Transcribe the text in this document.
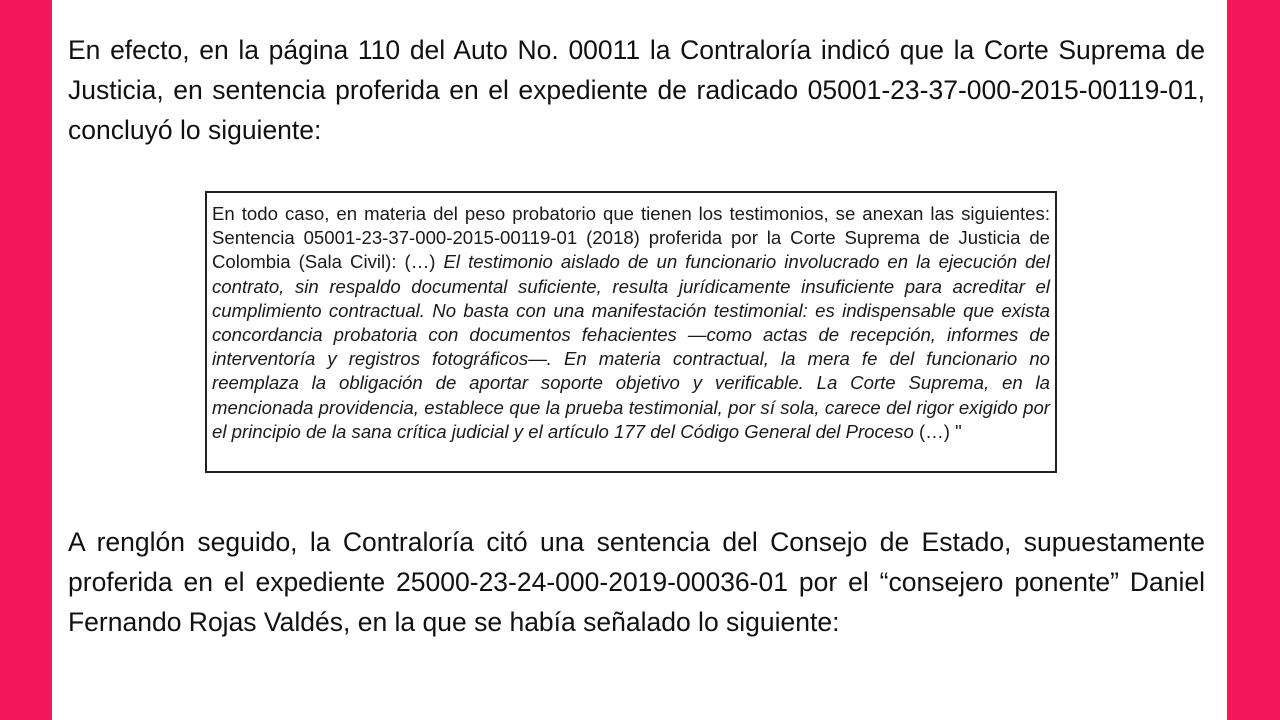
En efecto, en la página 110 del Auto No. 00011 la Contraloría indicó que la Corte Suprema de Justicia, en sentencia proferida en el expediente de radicado 05001-23-37-000-2015-00119-01, concluyó lo siguiente:

En todo caso, en materia del peso probatorio que tienen los testimonios, se anexan las siguientes: Sentencia 05001-23-37-000-2015-00119-01 (2018) proferida por la Corte Suprema de Justicia de Colombia (Sala Civil): (…) El testimonio aislado de un funcionario involucrado en la ejecución del contrato, sin respaldo documental suficiente, resulta jurídicamente insuficiente para acreditar el cumplimiento contractual. No basta con una manifestación testimonial: es indispensable que exista concordancia probatoria con documentos fehacientes —como actas de recepción, informes de interventoría y registros fotográficos—. En materia contractual, la mera fe del funcionario no reemplaza la obligación de aportar soporte objetivo y verificable. La Corte Suprema, en la mencionada providencia, establece que la prueba testimonial, por sí sola, carece del rigor exigido por el principio de la sana crítica judicial y el artículo 177 del Código General del Proceso (…) "

A renglón seguido, la Contraloría citó una sentencia del Consejo de Estado, supuestamente proferida en el expediente 25000-23-24-000-2019-00036-01 por el “consejero ponente” Daniel Fernando Rojas Valdés, en la que se había señalado lo siguiente:
